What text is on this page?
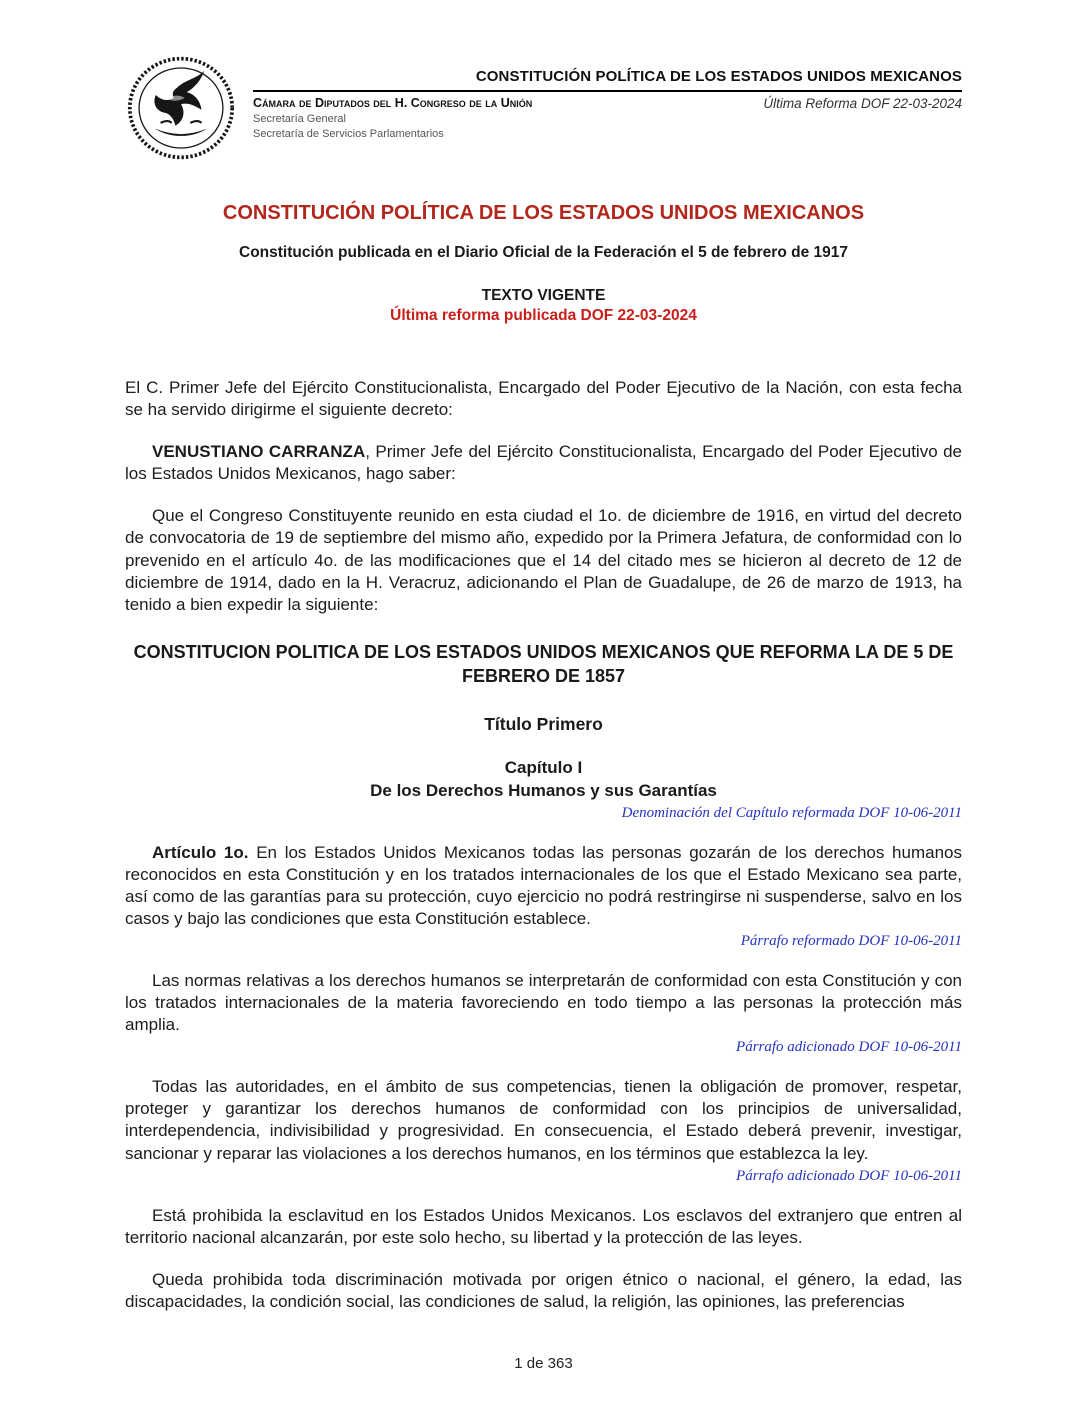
CONSTITUCIÓN POLÍTICA DE LOS ESTADOS UNIDOS MEXICANOS
Cámara de Diputados del H. Congreso de la Unión
Secretaría General
Secretaría de Servicios Parlamentarios
Última Reforma DOF 22-03-2024
CONSTITUCIÓN POLÍTICA DE LOS ESTADOS UNIDOS MEXICANOS

Constitución publicada en el Diario Oficial de la Federación el 5 de febrero de 1917

TEXTO VIGENTE

Última reforma publicada DOF 22-03-2024

El C. Primer Jefe del Ejército Constitucionalista, Encargado del Poder Ejecutivo de la Nación, con esta fecha se ha servido dirigirme el siguiente decreto:

VENUSTIANO CARRANZA, Primer Jefe del Ejército Constitucionalista, Encargado del Poder Ejecutivo de los Estados Unidos Mexicanos, hago saber:

Que el Congreso Constituyente reunido en esta ciudad el 1o. de diciembre de 1916, en virtud del decreto de convocatoria de 19 de septiembre del mismo año, expedido por la Primera Jefatura, de conformidad con lo prevenido en el artículo 4o. de las modificaciones que el 14 del citado mes se hicieron al decreto de 12 de diciembre de 1914, dado en la H. Veracruz, adicionando el Plan de Guadalupe, de 26 de marzo de 1913, ha tenido a bien expedir la siguiente:

CONSTITUCION POLITICA DE LOS ESTADOS UNIDOS MEXICANOS QUE REFORMA LA DE 5 DE FEBRERO DE 1857
Título Primero
Capítulo I
De los Derechos Humanos y sus Garantías

Denominación del Capítulo reformada DOF 10-06-2011

Artículo 1o. En los Estados Unidos Mexicanos todas las personas gozarán de los derechos humanos reconocidos en esta Constitución y en los tratados internacionales de los que el Estado Mexicano sea parte, así como de las garantías para su protección, cuyo ejercicio no podrá restringirse ni suspenderse, salvo en los casos y bajo las condiciones que esta Constitución establece.

Párrafo reformado DOF 10-06-2011

Las normas relativas a los derechos humanos se interpretarán de conformidad con esta Constitución y con los tratados internacionales de la materia favoreciendo en todo tiempo a las personas la protección más amplia.

Párrafo adicionado DOF 10-06-2011

Todas las autoridades, en el ámbito de sus competencias, tienen la obligación de promover, respetar, proteger y garantizar los derechos humanos de conformidad con los principios de universalidad, interdependencia, indivisibilidad y progresividad. En consecuencia, el Estado deberá prevenir, investigar, sancionar y reparar las violaciones a los derechos humanos, en los términos que establezca la ley.

Párrafo adicionado DOF 10-06-2011

Está prohibida la esclavitud en los Estados Unidos Mexicanos. Los esclavos del extranjero que entren al territorio nacional alcanzarán, por este solo hecho, su libertad y la protección de las leyes.

Queda prohibida toda discriminación motivada por origen étnico o nacional, el género, la edad, las discapacidades, la condición social, las condiciones de salud, la religión, las opiniones, las preferencias

1 de 363
